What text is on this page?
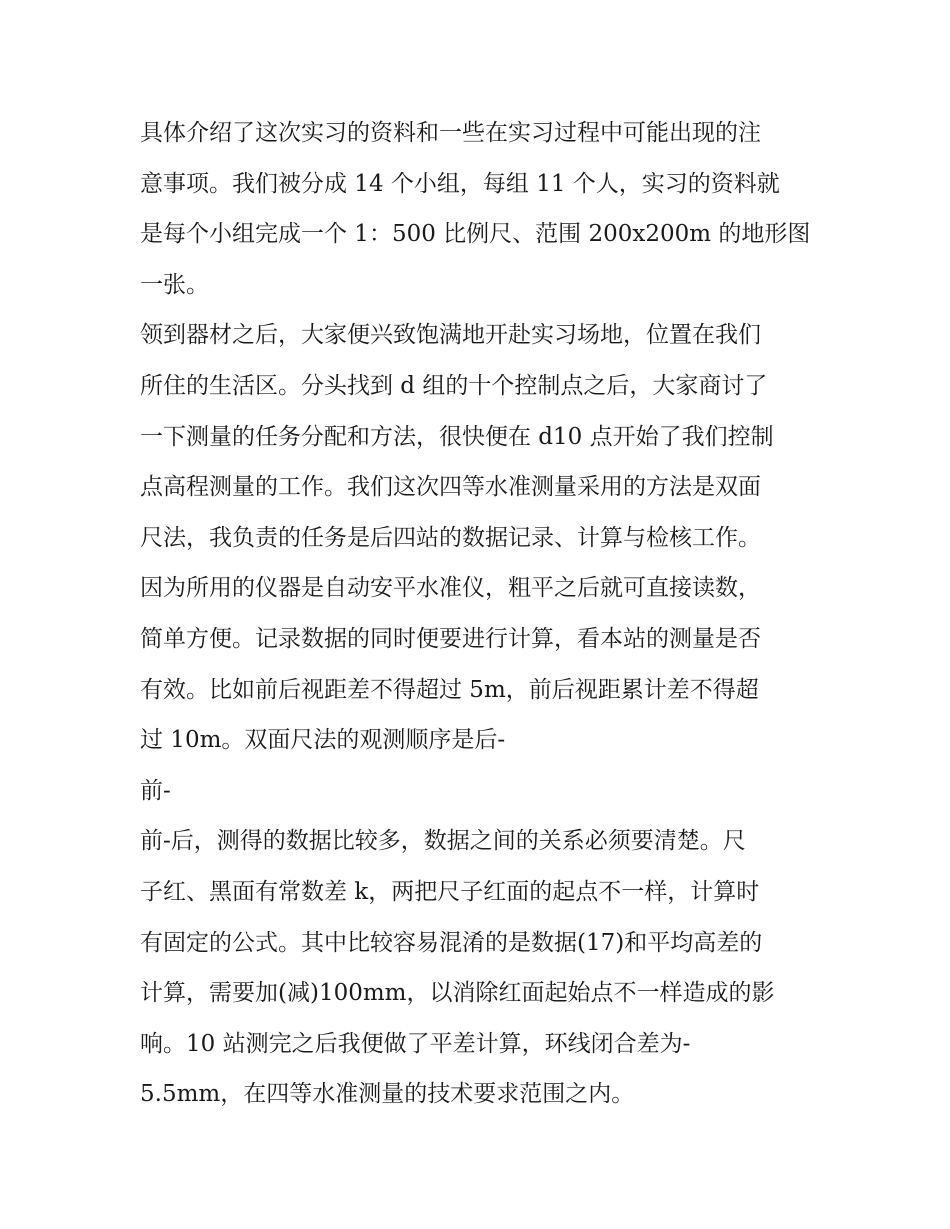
具体介绍了这次实习的资料和一些在实习过程中可能出现的注
意事项。我们被分成 14 个小组，每组 11 个人，实习的资料就
是每个小组完成一个 1：500 比例尺、范围 200x200m 的地形图
一张。
领到器材之后，大家便兴致饱满地开赴实习场地，位置在我们
所住的生活区。分头找到 d 组的十个控制点之后，大家商讨了
一下测量的任务分配和方法，很快便在 d10 点开始了我们控制
点高程测量的工作。我们这次四等水准测量采用的方法是双面
尺法，我负责的任务是后四站的数据记录、计算与检核工作。
因为所用的仪器是自动安平水准仪，粗平之后就可直接读数，
简单方便。记录数据的同时便要进行计算，看本站的测量是否
有效。比如前后视距差不得超过 5m，前后视距累计差不得超
过 10m。双面尺法的观测顺序是后-
前-
前-后，测得的数据比较多，数据之间的关系必须要清楚。尺
子红、黑面有常数差 k，两把尺子红面的起点不一样，计算时
有固定的公式。其中比较容易混淆的是数据(17)和平均高差的
计算，需要加(减)100mm，以消除红面起始点不一样造成的影
响。10 站测完之后我便做了平差计算，环线闭合差为-
5.5mm，在四等水准测量的技术要求范围之内。
